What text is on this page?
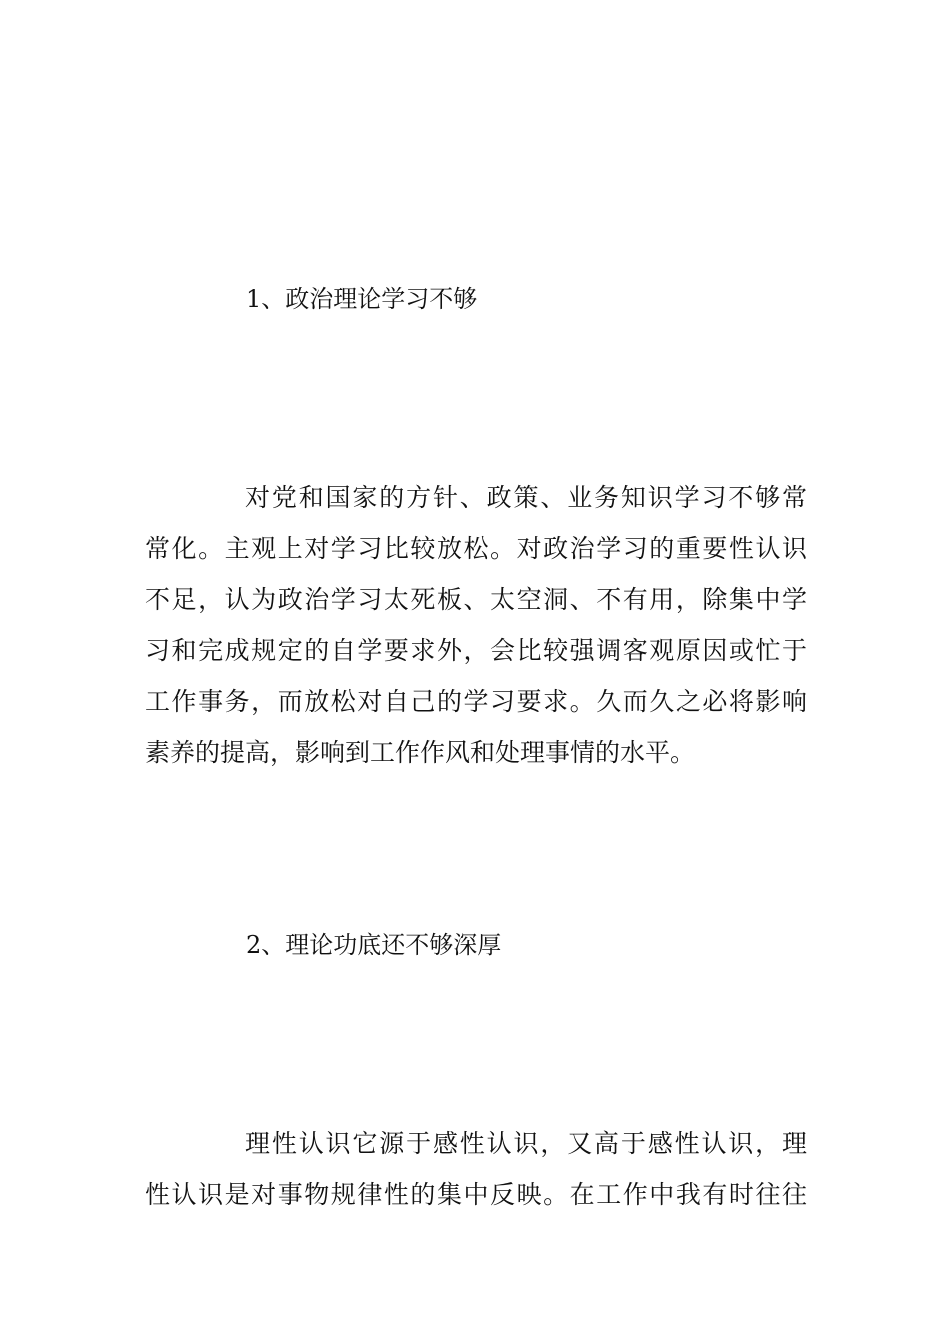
1、政治理论学习不够
对党和国家的方针、政策、业务知识学习不够常
常化。主观上对学习比较放松。对政治学习的重要性认识
不足，认为政治学习太死板、太空洞、不有用，除集中学
习和完成规定的自学要求外，会比较强调客观原因或忙于
工作事务，而放松对自己的学习要求。久而久之必将影响
素养的提高，影响到工作作风和处理事情的水平。
2、理论功底还不够深厚
理性认识它源于感性认识，又高于感性认识，理
性认识是对事物规律性的集中反映。在工作中我有时往往
